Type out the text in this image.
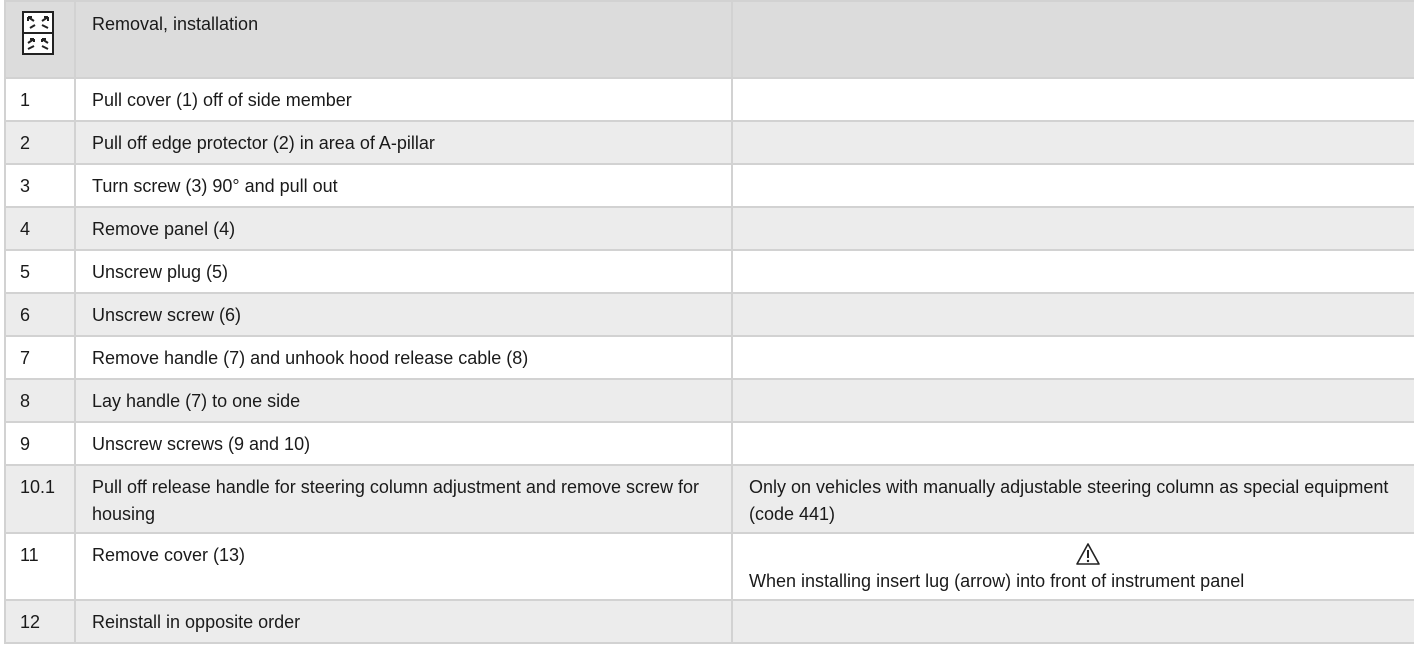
	Removal, installation	
1	Pull cover (1) off of side member	
2	Pull off edge protector (2) in area of A-pillar	
3	Turn screw (3) 90° and pull out	
4	Remove panel (4)	
5	Unscrew plug (5)	
6	Unscrew screw (6)	
7	Remove handle (7) and unhook hood release cable (8)	
8	Lay handle (7) to one side	
9	Unscrew screws (9 and 10)	
10.1	Pull off release handle for steering column adjustment and remove screw for housing	Only on vehicles with manually adjustable steering column as special equipment (code 441)
11	Remove cover (13)	When installing insert lug (arrow) into front of instrument panel
12	Reinstall in opposite order	
